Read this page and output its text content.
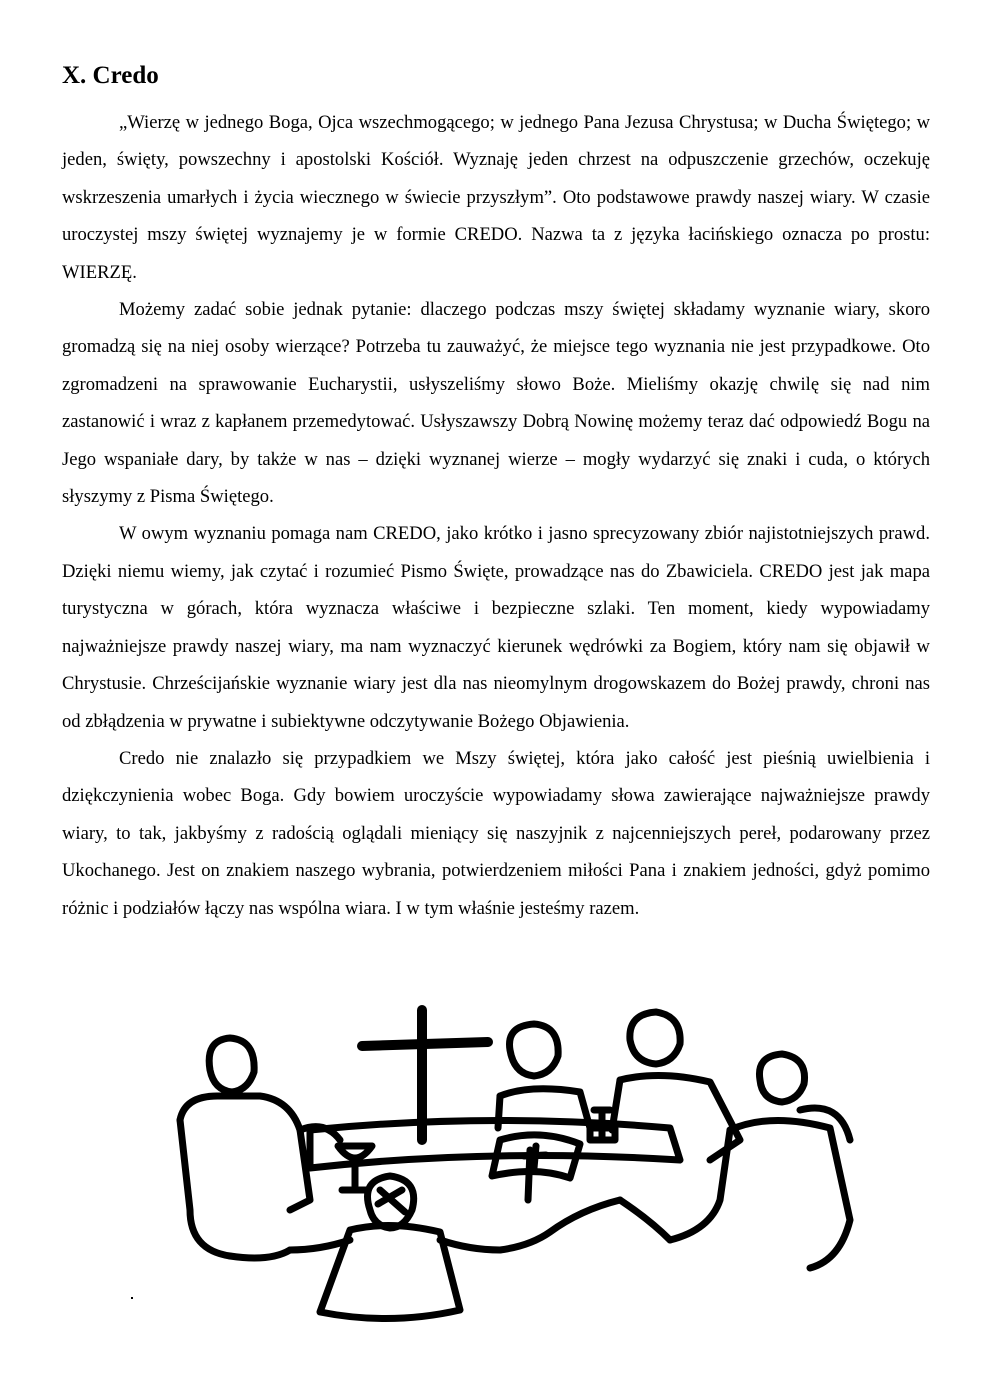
X. Credo

„Wierzę w jednego Boga, Ojca wszechmogącego; w jednego Pana Jezusa Chrystusa; w Ducha Świętego; w jeden, święty, powszechny i apostolski Kościół. Wyznaję jeden chrzest na odpuszczenie grzechów, oczekuję wskrzeszenia umarłych i życia wiecznego w świecie przyszłym”. Oto podstawowe prawdy naszej wiary. W czasie uroczystej mszy świętej wyznajemy je w formie CREDO. Nazwa ta z języka łacińskiego oznacza po prostu: WIERZĘ.

Możemy zadać sobie jednak pytanie: dlaczego podczas mszy świętej składamy wyznanie wiary, skoro gromadzą się na niej osoby wierzące? Potrzeba tu zauważyć, że miejsce tego wyznania nie jest przypadkowe. Oto zgromadzeni na sprawowanie Eucharystii, usłyszeliśmy słowo Boże. Mieliśmy okazję chwilę się nad nim zastanowić i wraz z kapłanem przemedytować. Usłyszawszy Dobrą Nowinę możemy teraz dać odpowiedź Bogu na Jego wspaniałe dary, by także w nas – dzięki wyznanej wierze – mogły wydarzyć się znaki i cuda, o których słyszymy z Pisma Świętego.

W owym wyznaniu pomaga nam CREDO, jako krótko i jasno sprecyzowany zbiór najistotniejszych prawd. Dzięki niemu wiemy, jak czytać i rozumieć Pismo Święte, prowadzące nas do Zbawiciela. CREDO jest jak mapa turystyczna w górach, która wyznacza właściwe i bezpieczne szlaki. Ten moment, kiedy wypowiadamy najważniejsze prawdy naszej wiary, ma nam wyznaczyć kierunek wędrówki za Bogiem, który nam się objawił w Chrystusie. Chrześcijańskie wyznanie wiary jest dla nas nieomylnym drogowskazem do Bożej prawdy, chroni nas od zbłądzenia w prywatne i subiektywne odczytywanie Bożego Objawienia.

Credo nie znalazło się przypadkiem we Mszy świętej, która jako całość jest pieśnią uwielbienia i dziękczynienia wobec Boga. Gdy bowiem uroczyście wypowiadamy słowa zawierające najważniejsze prawdy wiary, to tak, jakbyśmy z radością oglądali mieniący się naszyjnik z najcenniejszych pereł, podarowany przez Ukochanego. Jest on znakiem naszego wybrania, potwierdzeniem miłości Pana i znakiem jedności, gdyż pomimo różnic i podziałów łączy nas wspólna wiara. I w tym właśnie jesteśmy razem.
